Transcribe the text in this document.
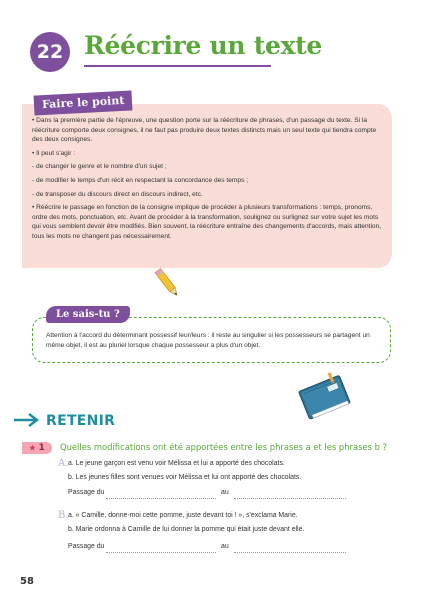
22 Réécrire un texte
Faire le point

• Dans la première partie de l'épreuve, une question porte sur la réécriture de phrases, d'un passage du texte. Si la réécriture comporte deux consignes, il ne faut pas produire deux textes distincts mais un seul texte qui tiendra compte des deux consignes.

• Il peut s'agir :

- de changer le genre et le nombre d'un sujet ;

- de modifier le temps d'un récit en respectant la concordance des temps ;

- de transposer du discours direct en discours indirect, etc.

• Réécrire le passage en fonction de la consigne implique de procéder à plusieurs transformations : temps, pronoms, ordre des mots, ponctuation, etc. Avant de procéder à la transformation, soulignez ou surlignez sur votre sujet les mots qui vous semblent devoir être modifiés. Bien souvent, la réécriture entraîne des changements d'accords, mais attention, tous les mots ne changent pas nécessairement.

Le sais-tu ?
Attention à l'accord du déterminant possessif leur/leurs : il reste au singulier si les possesseurs se partagent un même objet, il est au pluriel lorsque chaque possesseur a plus d'un objet.
RETENIR
★ 1 Quelles modifications ont été apportées entre les phrases a et les phrases b ?
A. a. Le jeune garçon est venu voir Mélissa et lui a apporté des chocolats.
b. Les jeunes filles sont venues voir Mélissa et lui ont apporté des chocolats.
Passage du	au
B. a. « Camille, donne-moi cette pomme, juste devant toi ! », s'exclama Marie.
b. Marie ordonna à Camille de lui donner la pomme qui était juste devant elle.
Passage du	au
58
